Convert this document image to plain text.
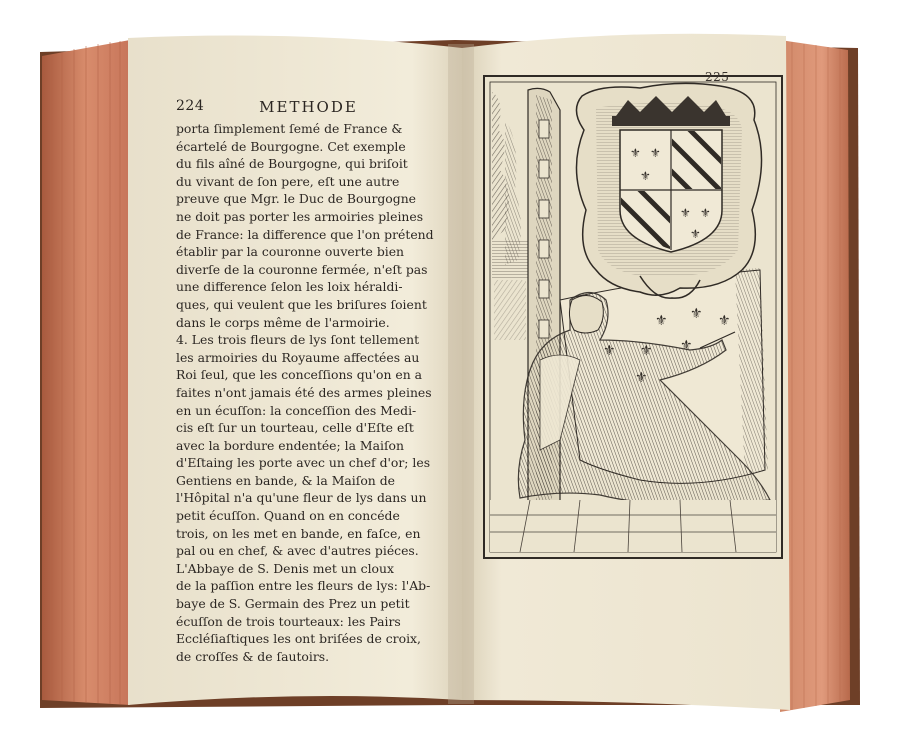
⚜ ⚜ ⚜
⚜
⚜ ⚜
⚜
⚜ ⚜
⚜
224	METHODE
porta ſimplement ſemé de France &
écartelé de Bourgogne. Cet exemple
du fils aîné de Bourgogne, qui briſoit
du vivant de ſon pere, eſt une autre
preuve que Mgr. le Duc de Bourgogne
ne doit pas porter les armoiries pleines
de France: la difference que l'on prétend
établir par la couronne ouverte bien
diverſe de la couronne fermée, n'eſt pas
une difference ſelon les loix héraldi-
ques, qui veulent que les briſures ſoient
dans le corps même de l'armoirie.
4. Les trois fleurs de lys ſont tellement
les armoiries du Royaume affectées au
Roi ſeul, que les conceſſions qu'on en a
faites n'ont jamais été des armes pleines
en un écuſſon: la conceſſion des Medi-
cis eſt ſur un tourteau, celle d'Eſte eſt
avec la bordure endentée; la Maiſon
d'Eſtaing les porte avec un chef d'or; les
Gentiens en bande, & la Maiſon de
l'Hôpital n'a qu'une fleur de lys dans un
petit écuſſon. Quand on en concéde
trois, on les met en bande, en faſce, en
pal ou en chef, & avec d'autres piéces.
L'Abbaye de S. Denis met un cloux
de la paſſion entre les fleurs de lys: l'Ab-
baye de S. Germain des Prez un petit
écuſſon de trois tourteaux: les Pairs
Eccléſiaſtiques les ont briſées de croix,
de croſſes & de ſautoirs.
225
